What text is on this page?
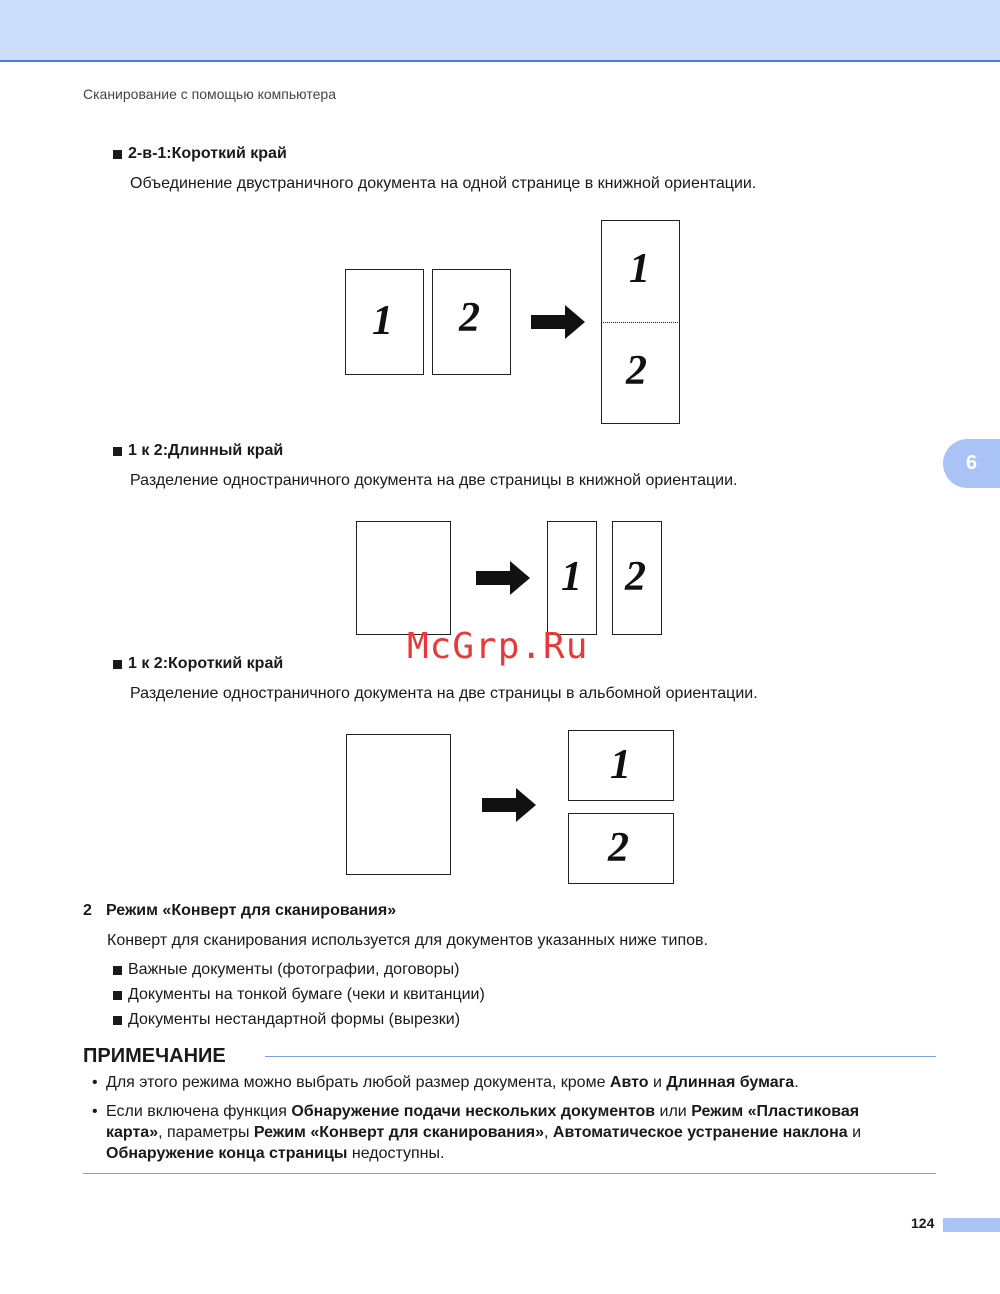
Сканирование с помощью компьютера
6
2-в-1:Короткий край
Объединение двустраничного документа на одной странице в книжной ориентации.
1 2
1
2
1 к 2:Длинный край
Разделение одностраничного документа на две страницы в книжной ориентации.
1 2
1 к 2:Короткий край
Разделение одностраничного документа на две страницы в альбомной ориентации.
1
2
2 Режим «Конверт для сканирования»
Конверт для сканирования используется для документов указанных ниже типов.
Важные документы (фотографии, договоры)
Документы на тонкой бумаге (чеки и квитанции)
Документы нестандартной формы (вырезки)
ПРИМЕЧАНИЕ
• Для этого режима можно выбрать любой размер документа, кроме Авто и Длинная бумага.
• Если включена функция Обнаружение подачи нескольких документов или Режим «Пластиковая карта», параметры Режим «Конверт для сканирования», Автоматическое устранение наклона и Обнаружение конца страницы недоступны.
McGrp.Ru
124
